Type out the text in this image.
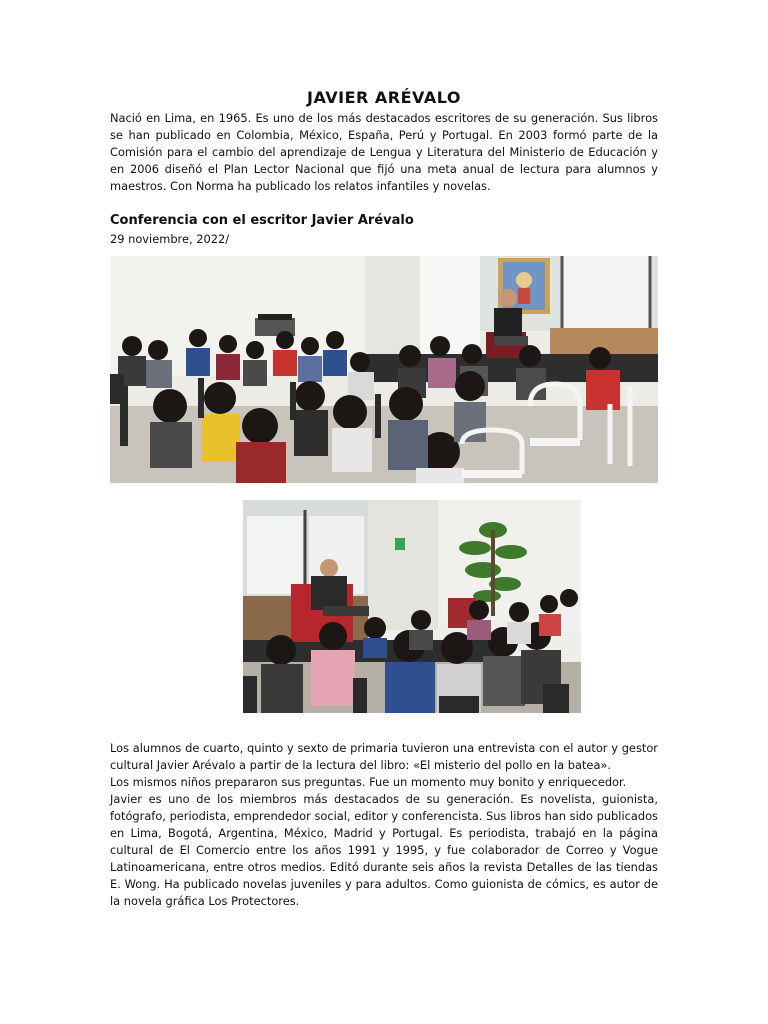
JAVIER ARÉVALO

Nació en Lima, en 1965. Es uno de los más destacados escritores de su generación. Sus libros se han publicado en Colombia, México, España, Perú y Portugal. En 2003 formó parte de la Comisión para el cambio del aprendizaje de Lengua y Literatura del Ministerio de Educación y en 2006 diseñó el Plan Lector Nacional que fijó una meta anual de lectura para alumnos y maestros. Con Norma ha publicado los relatos infantiles y novelas.

Conferencia con el escritor Javier Arévalo

29 noviembre, 2022/

Los alumnos de cuarto, quinto y sexto de primaria tuvieron una entrevista con el autor y gestor cultural Javier Arévalo a partir de la lectura del libro: «El misterio del pollo en la batea».

Los mismos niños prepararon sus preguntas. Fue un momento muy bonito y enriquecedor.

Javier es uno de los miembros más destacados de su generación. Es novelista, guionista, fotógrafo, periodista, emprendedor social, editor y conferencista. Sus libros han sido publicados en Lima, Bogotá, Argentina, México, Madrid y Portugal. Es periodista, trabajó en la página cultural de El Comercio entre los años 1991 y 1995, y fue colaborador de Correo y Vogue Latinoamericana, entre otros medios. Editó durante seis años la revista Detalles de las tiendas E. Wong. Ha publicado novelas juveniles y para adultos. Como guionista de cómics, es autor de la novela gráfica Los Protectores.
